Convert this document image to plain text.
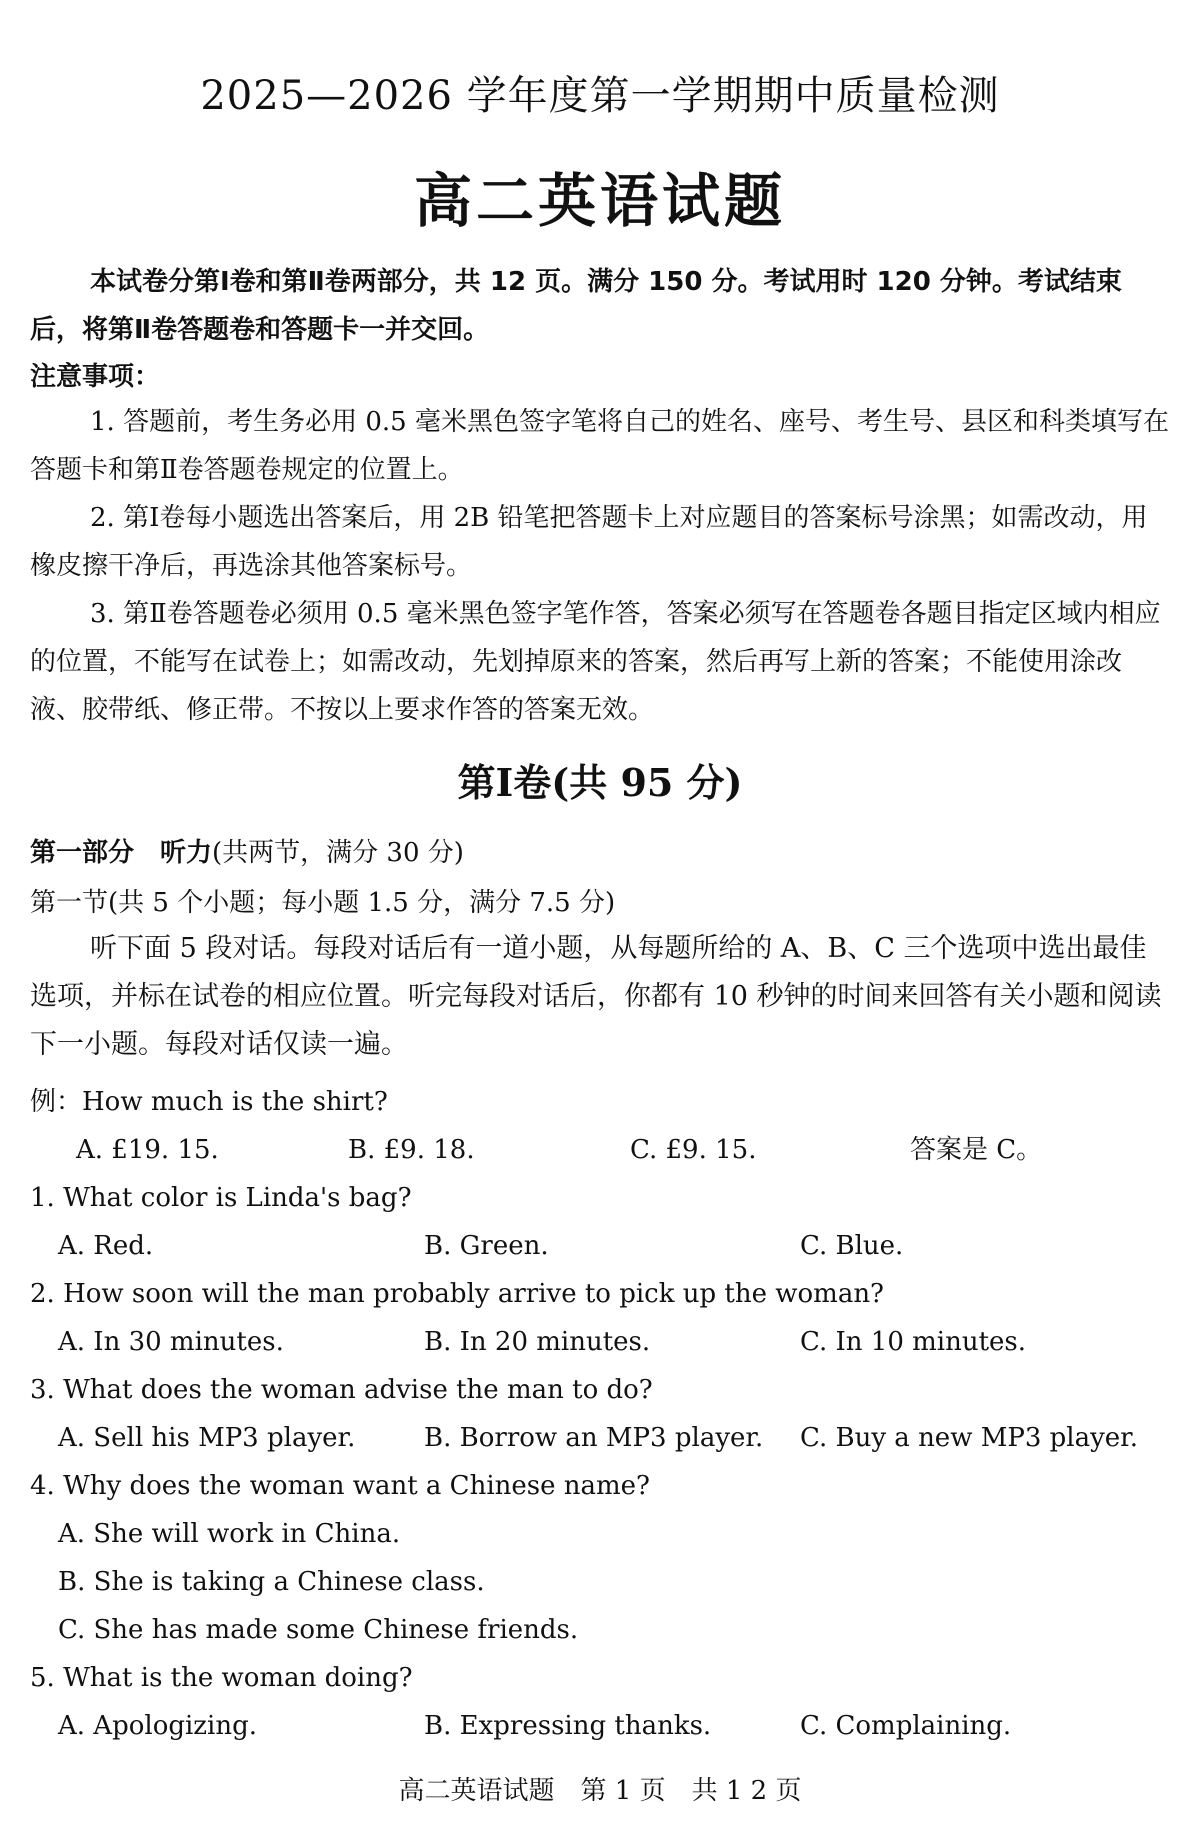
2025—2026 学年度第一学期期中质量检测
高二英语试题

本试卷分第Ⅰ卷和第Ⅱ卷两部分，共 12 页。满分 150 分。考试用时 120 分钟。考试结束后，将第Ⅱ卷答题卷和答题卡一并交回。

注意事项：

1. 答题前，考生务必用 0.5 毫米黑色签字笔将自己的姓名、座号、考生号、县区和科类填写在答题卡和第Ⅱ卷答题卷规定的位置上。

2. 第Ⅰ卷每小题选出答案后，用 2B 铅笔把答题卡上对应题目的答案标号涂黑；如需改动，用橡皮擦干净后，再选涂其他答案标号。

3. 第Ⅱ卷答题卷必须用 0.5 毫米黑色签字笔作答，答案必须写在答题卷各题目指定区域内相应的位置，不能写在试卷上；如需改动，先划掉原来的答案，然后再写上新的答案；不能使用涂改液、胶带纸、修正带。不按以上要求作答的答案无效。

第Ⅰ卷(共 95 分)
第一部分　听力(共两节，满分 30 分)
第一节(共 5 个小题；每小题 1.5 分，满分 7.5 分)

听下面 5 段对话。每段对话后有一道小题，从每题所给的 A、B、C 三个选项中选出最佳选项，并标在试卷的相应位置。听完每段对话后，你都有 10 秒钟的时间来回答有关小题和阅读下一小题。每段对话仅读一遍。

例：How much is the shirt?
A. £19. 15.	B. £9. 18.	C. £9. 15.	答案是 C。
1. What color is Linda's bag?
A. Red.	B. Green.	C. Blue.
2. How soon will the man probably arrive to pick up the woman?
A. In 30 minutes.	B. In 20 minutes.	C. In 10 minutes.
3. What does the woman advise the man to do?
A. Sell his MP3 player.	B. Borrow an MP3 player. C. Buy a new MP3 player.
4. Why does the woman want a Chinese name?
A. She will work in China.
B. She is taking a Chinese class.
C. She has made some Chinese friends.
5. What is the woman doing?
A. Apologizing.	B. Expressing thanks.	C. Complaining.
高二英语试题　第 1 页　共 1 2 页
